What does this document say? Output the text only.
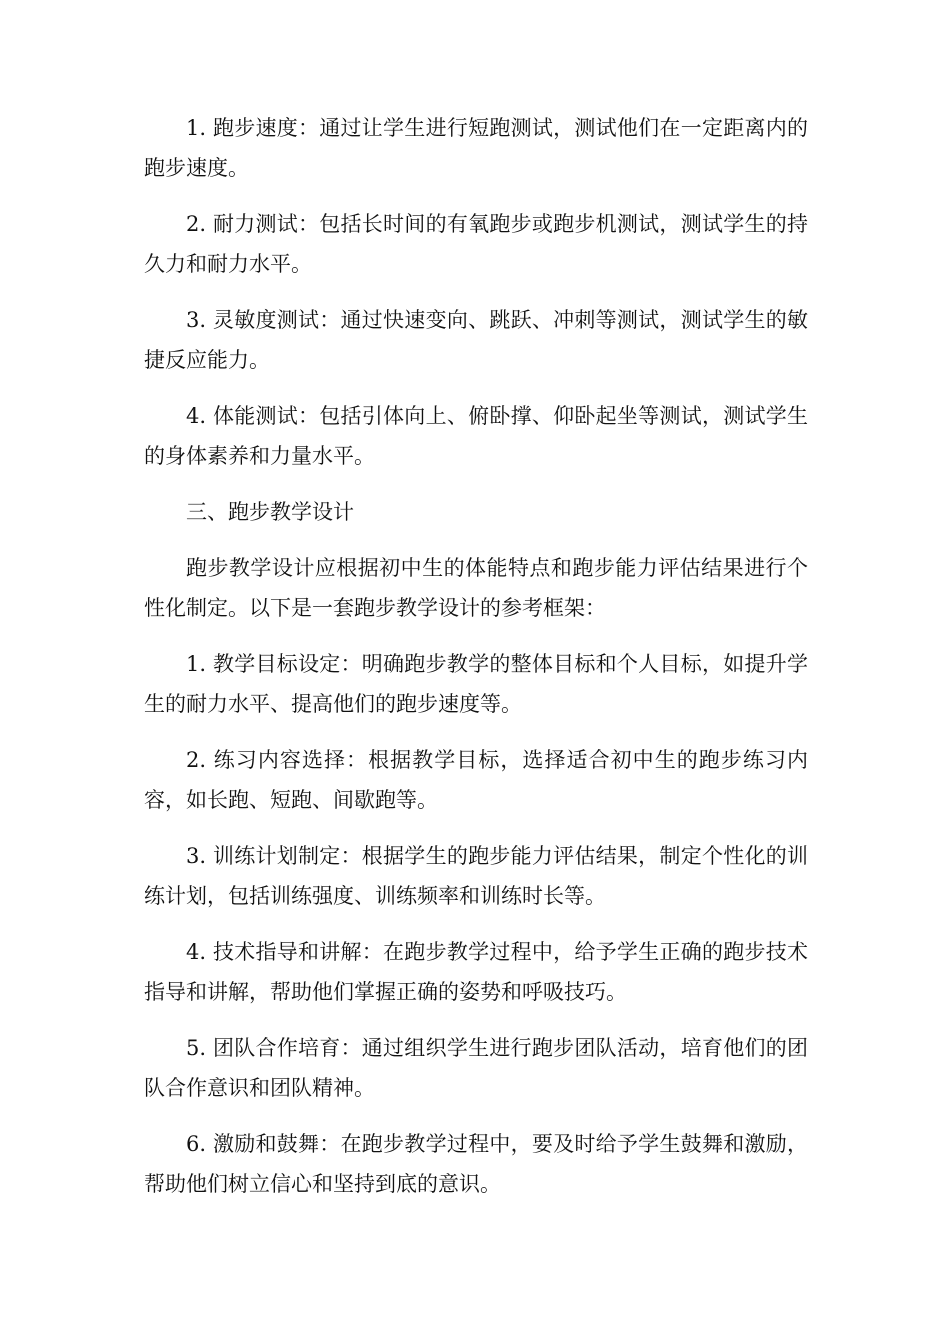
1. 跑步速度：通过让学生进行短跑测试，测试他们在一定距离内的跑步速度。

2. 耐力测试：包括长时间的有氧跑步或跑步机测试，测试学生的持久力和耐力水平。

3. 灵敏度测试：通过快速变向、跳跃、冲刺等测试，测试学生的敏捷反应能力。

4. 体能测试：包括引体向上、俯卧撑、仰卧起坐等测试，测试学生的身体素养和力量水平。

三、跑步教学设计

跑步教学设计应根据初中生的体能特点和跑步能力评估结果进行个性化制定。以下是一套跑步教学设计的参考框架：

1. 教学目标设定：明确跑步教学的整体目标和个人目标，如提升学生的耐力水平、提高他们的跑步速度等。

2. 练习内容选择：根据教学目标，选择适合初中生的跑步练习内容，如长跑、短跑、间歇跑等。

3. 训练计划制定：根据学生的跑步能力评估结果，制定个性化的训练计划，包括训练强度、训练频率和训练时长等。

4. 技术指导和讲解：在跑步教学过程中，给予学生正确的跑步技术指导和讲解，帮助他们掌握正确的姿势和呼吸技巧。

5. 团队合作培育：通过组织学生进行跑步团队活动，培育他们的团队合作意识和团队精神。

6. 激励和鼓舞：在跑步教学过程中，要及时给予学生鼓舞和激励，帮助他们树立信心和坚持到底的意识。
